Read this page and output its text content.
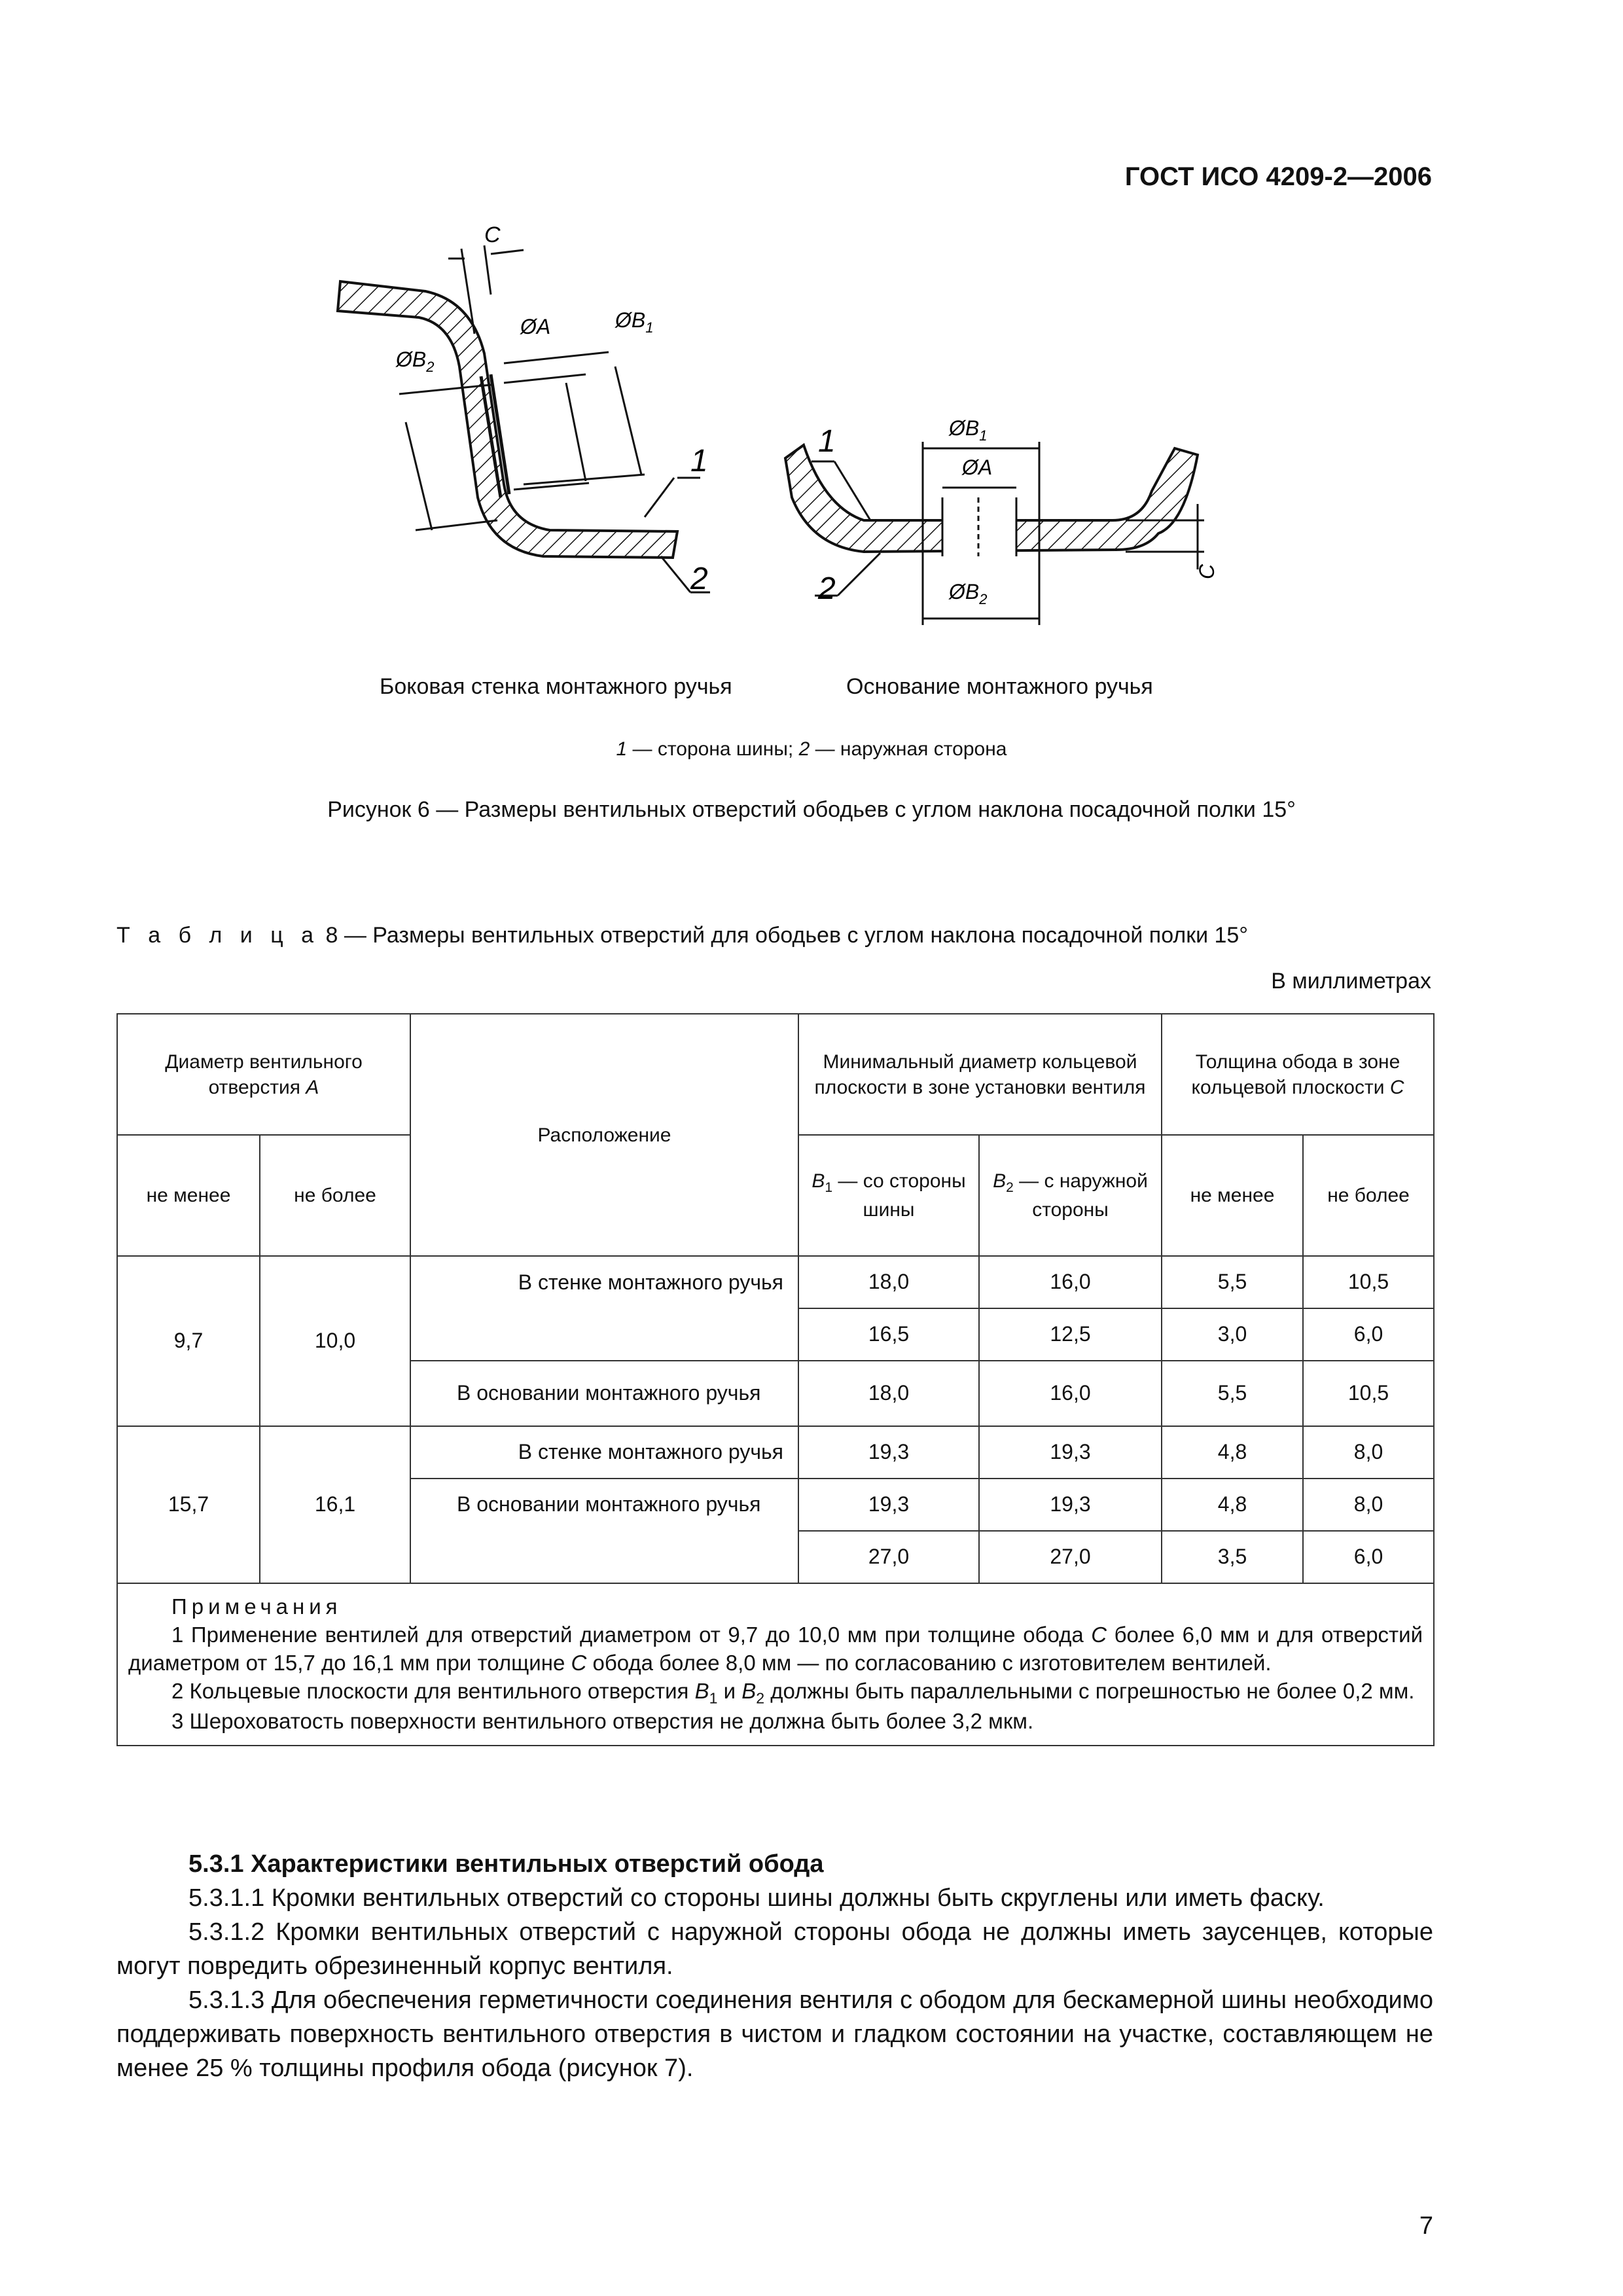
ГОСТ ИСО 4209-2—2006
C
$ØB_2$
ØA	$ØB_1$
1
2
$ØB_1$
ØA
$ØB_2$
C
1
2
Боковая стенка монтажного ручья	Основание монтажного ручья
1 — сторона шины; 2 — наружная сторона
Рисунок 6 — Размеры вентильных отверстий ободьев с углом наклона посадочной полки 15°
Т а б л и ц а 8 — Размеры вентильных отверстий для ободьев с углом наклона посадочной полки 15°
В миллиметрах
Диаметр вентильного отверстия A		Расположение	Минимальный диаметр кольцевой плоскости в зоне установки вентиля		Толщина обода в зоне кольцевой плоскости C	
не менее	не более		$B_1$ — со стороны шины	$B_2$ — с наружной стороны	не менее	не более
9,7	10,0	В стенке монтажного ручья	18,0	16,0	5,5	10,5
			16,5	12,5	3,0	6,0
		В основании монтажного ручья	18,0	16,0	5,5	10,5
15,7	16,1	В стенке монтажного ручья	19,3	19,3	4,8	8,0
		В основании монтажного ручья	19,3	19,3	4,8	8,0
			27,0	27,0	3,5	6,0

Примечания
1 Применение вентилей для отверстий диаметром от 9,7 до 10,0 мм при толщине обода C более 6,0 мм и для отверстий диаметром от 15,7 до 16,1 мм при толщине C обода более 8,0 мм — по согласованию с изготовителем вентилей.
2 Кольцевые плоскости для вентильного отверстия $B_1$ и $B_2$ должны быть параллельными с погрешностью не более 0,2 мм.
3 Шероховатость поверхности вентильного отверстия не должна быть более 3,2 мкм.						
5.3.1 Характеристики вентильных отверстий обода
5.3.1.1 Кромки вентильных отверстий со стороны шины должны быть скруглены или иметь фаску.
5.3.1.2 Кромки вентильных отверстий с наружной стороны обода не должны иметь заусенцев, которые могут повредить обрезиненный корпус вентиля.
5.3.1.3 Для обеспечения герметичности соединения вентиля с ободом для бескамерной шины необходимо поддерживать поверхность вентильного отверстия в чистом и гладком состоянии на участке, составляющем не менее 25 % толщины профиля обода (рисунок 7).
7
